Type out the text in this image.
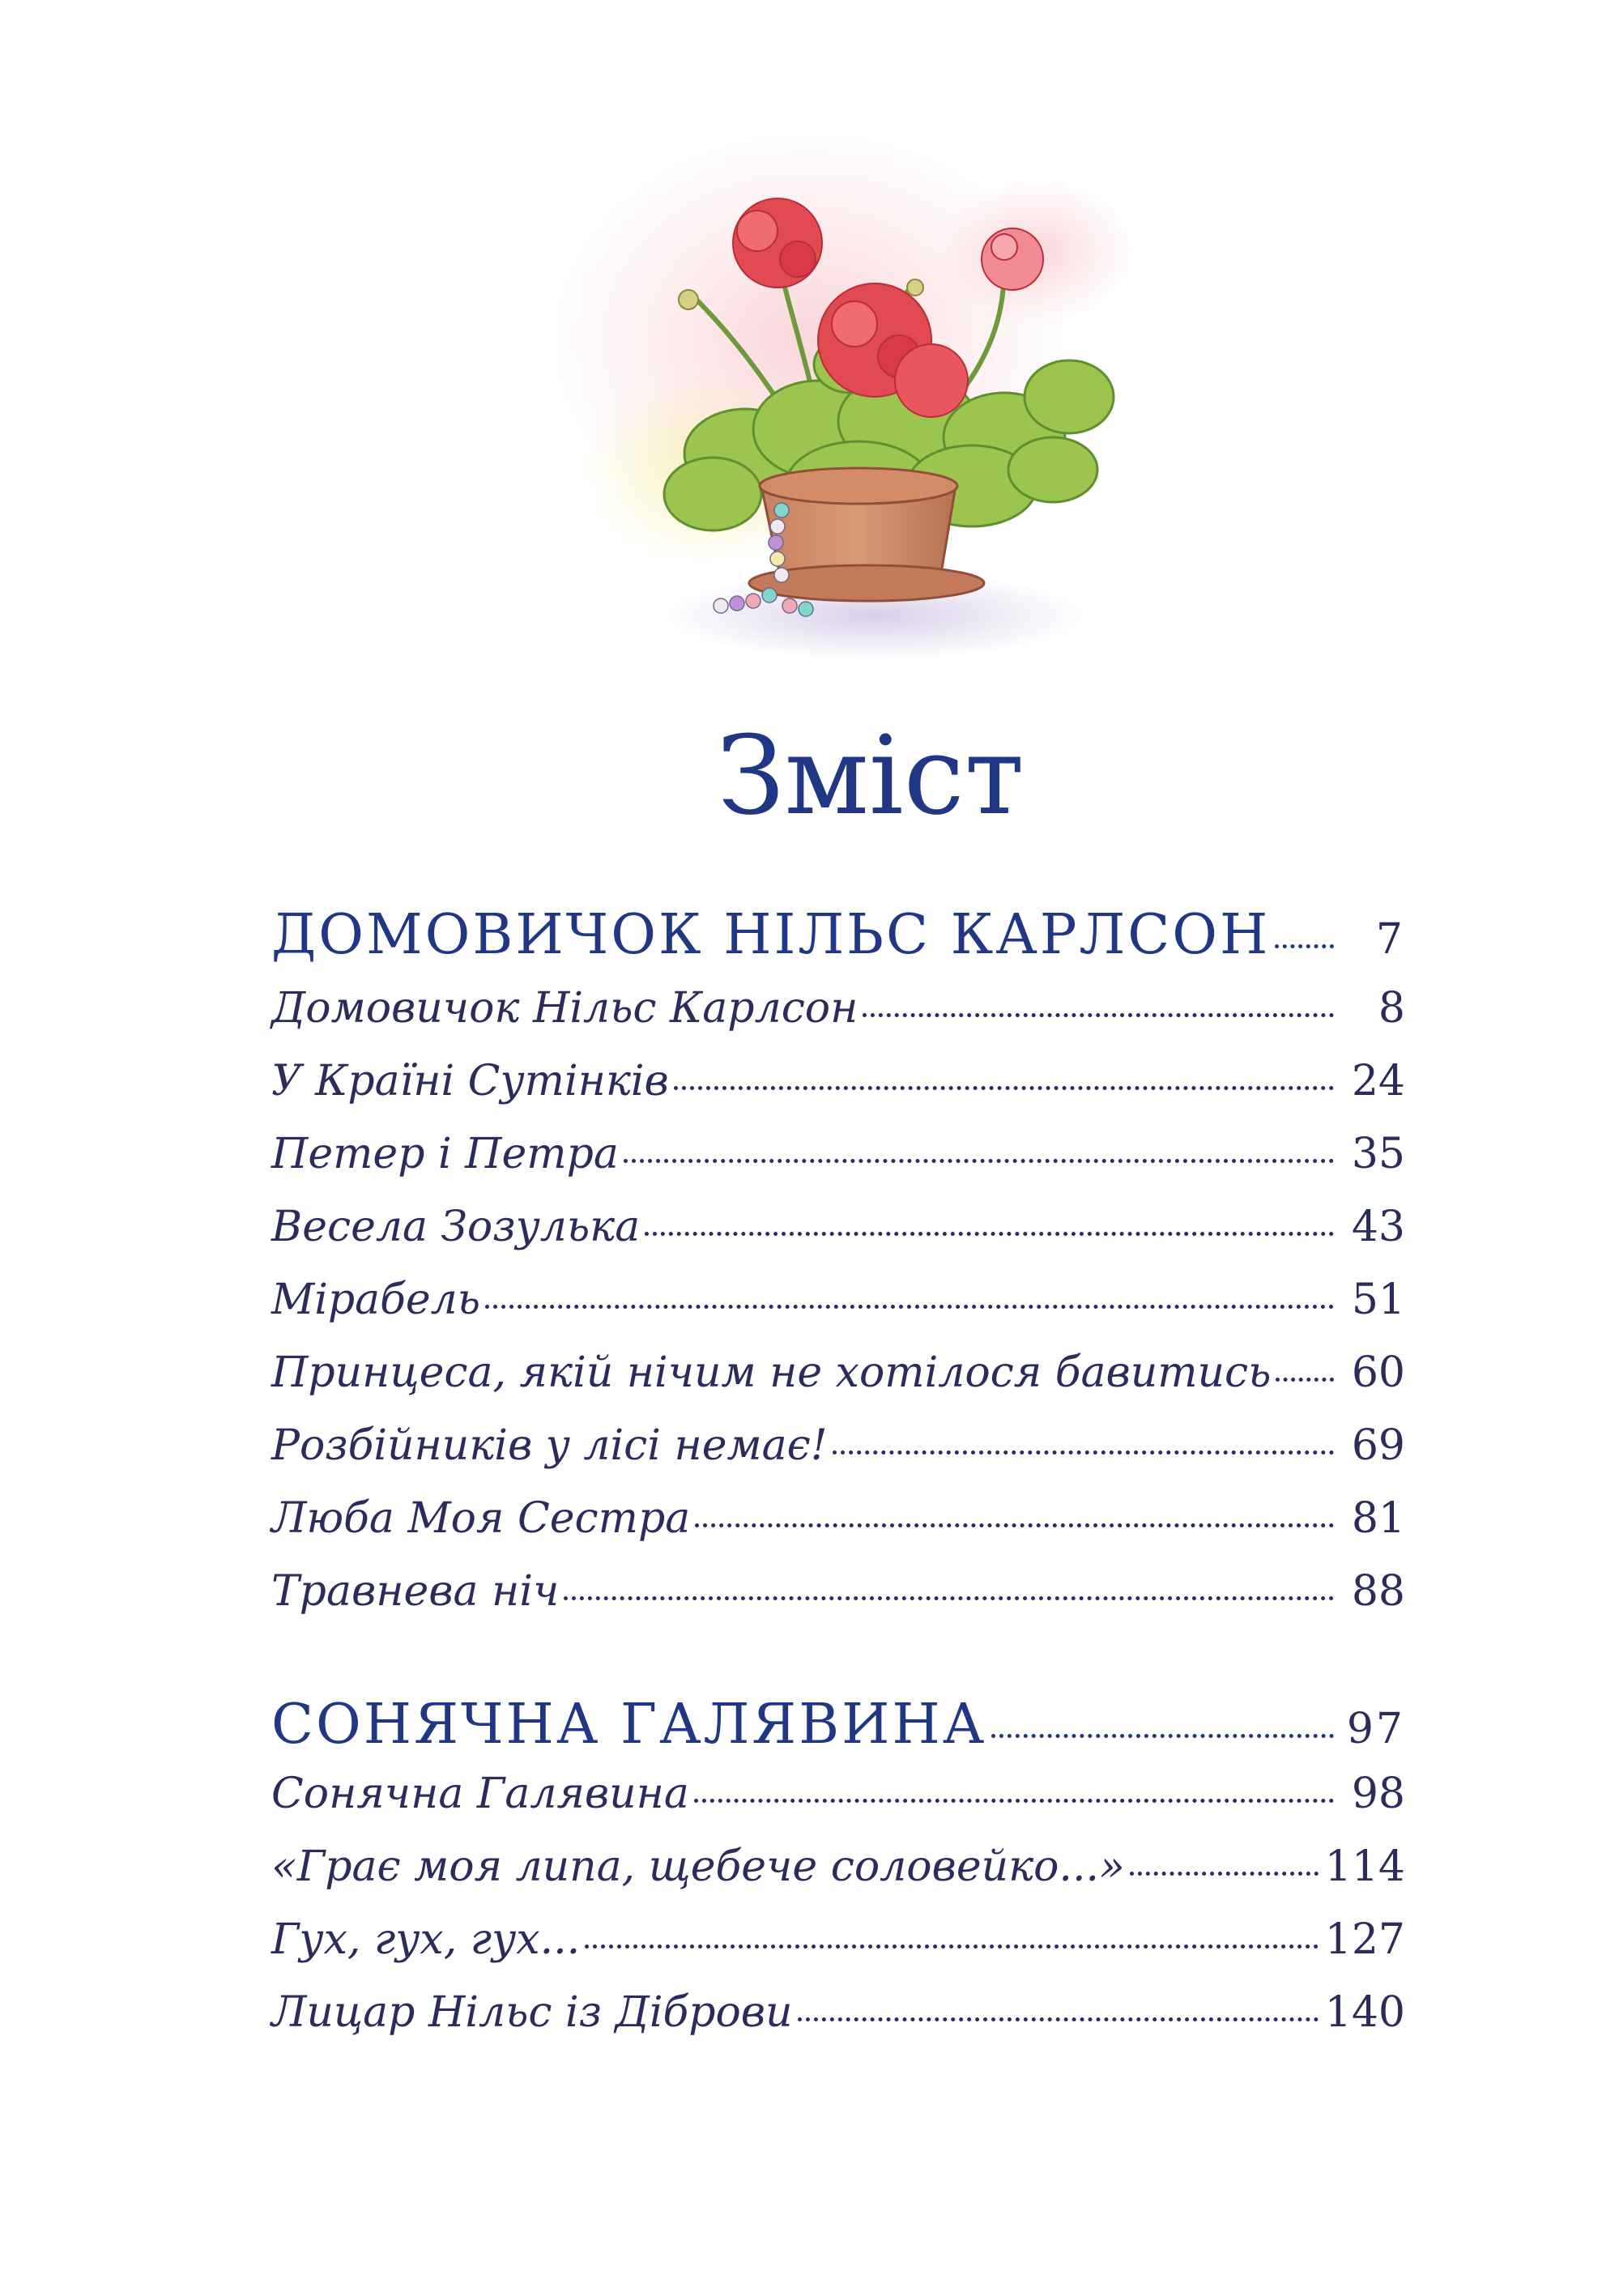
Зміст
ДОМОВИЧОК НІЛЬС КАРЛСОН	7
Домовичок Нільс Карлсон	8
У Країні Сутінків	24
Петер і Петра	35
Весела Зозулька	43
Мірабель	51
Принцеса, якій нічим не хотілося бавитись 60
Розбійників у лісі немає!	69
Люба Моя Сестра	81
Травнева ніч	88
СОНЯЧНА ГАЛЯВИНА	97
Сонячна Галявина	98
«Грає моя липа, щебече соловейко...»	114
Гух, гух, гух...	127
Лицар Нільс із Діброви	140
